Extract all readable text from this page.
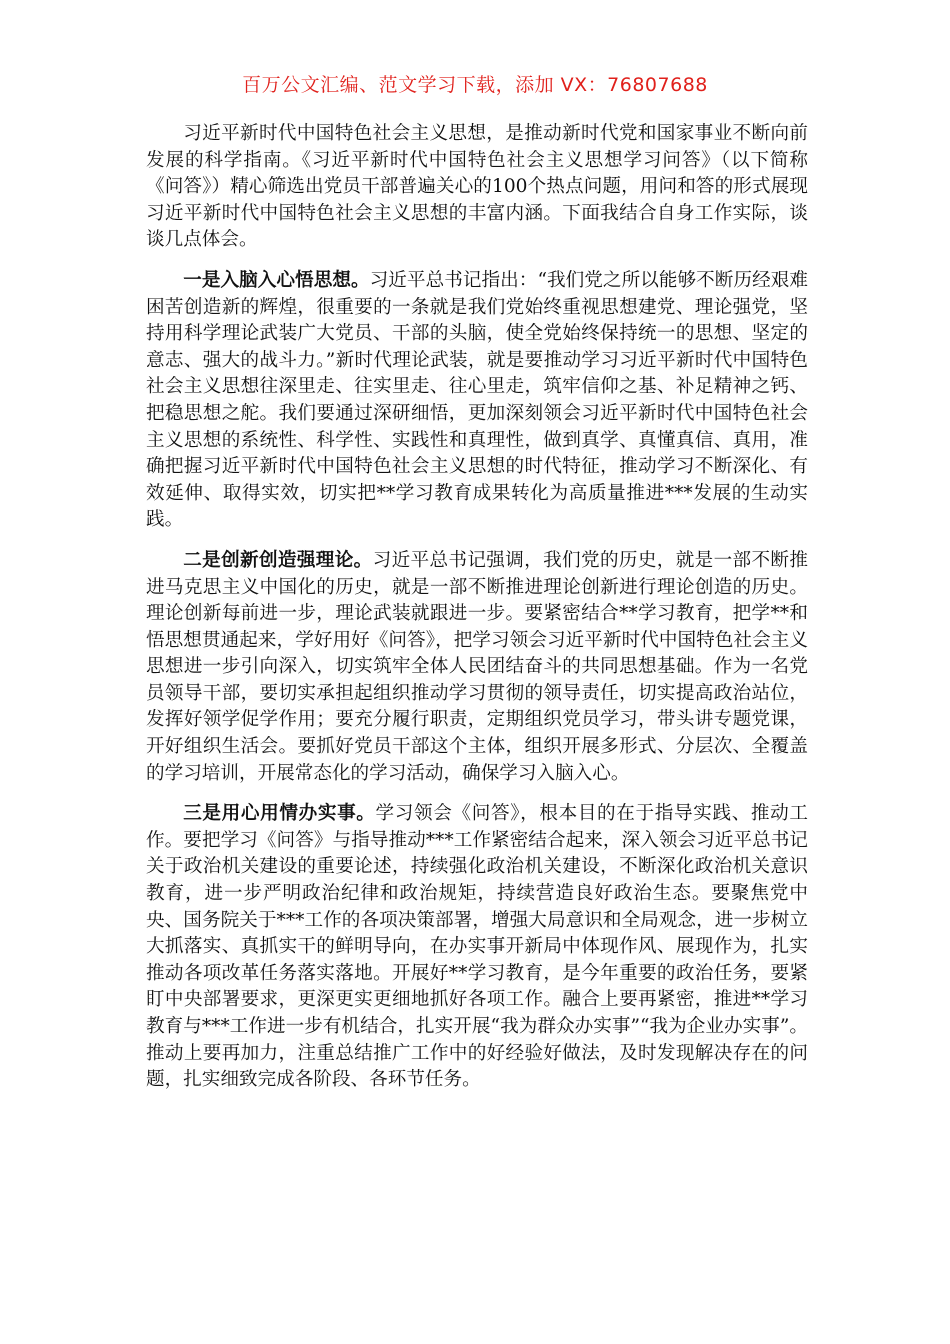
百万公文汇编、范文学习下载，添加 VX：76807688

习近平新时代中国特色社会主义思想，是推动新时代党和国家事业不断向前发展的科学指南。《习近平新时代中国特色社会主义思想学习问答》（以下简称《问答》）精心筛选出党员干部普遍关心的100个热点问题，用问和答的形式展现习近平新时代中国特色社会主义思想的丰富内涵。下面我结合自身工作实际，谈谈几点体会。

一是入脑入心悟思想。习近平总书记指出：“我们党之所以能够不断历经艰难困苦创造新的辉煌，很重要的一条就是我们党始终重视思想建党、理论强党，坚持用科学理论武装广大党员、干部的头脑，使全党始终保持统一的思想、坚定的意志、强大的战斗力。”新时代理论武装，就是要推动学习习近平新时代中国特色社会主义思想往深里走、往实里走、往心里走，筑牢信仰之基、补足精神之钙、把稳思想之舵。我们要通过深研细悟，更加深刻领会习近平新时代中国特色社会主义思想的系统性、科学性、实践性和真理性，做到真学、真懂真信、真用，准确把握习近平新时代中国特色社会主义思想的时代特征，推动学习不断深化、有效延伸、取得实效，切实把**学习教育成果转化为高质量推进***发展的生动实践。

二是创新创造强理论。习近平总书记强调，我们党的历史，就是一部不断推进马克思主义中国化的历史，就是一部不断推进理论创新进行理论创造的历史。理论创新每前进一步，理论武装就跟进一步。要紧密结合**学习教育，把学**和悟思想贯通起来，学好用好《问答》，把学习领会习近平新时代中国特色社会主义思想进一步引向深入，切实筑牢全体人民团结奋斗的共同思想基础。作为一名党员领导干部，要切实承担起组织推动学习贯彻的领导责任，切实提高政治站位，发挥好领学促学作用；要充分履行职责，定期组织党员学习，带头讲专题党课，开好组织生活会。要抓好党员干部这个主体，组织开展多形式、分层次、全覆盖的学习培训，开展常态化的学习活动，确保学习入脑入心。

三是用心用情办实事。学习领会《问答》，根本目的在于指导实践、推动工作。要把学习《问答》与指导推动***工作紧密结合起来，深入领会习近平总书记关于政治机关建设的重要论述，持续强化政治机关建设，不断深化政治机关意识教育，进一步严明政治纪律和政治规矩，持续营造良好政治生态。要聚焦党中央、国务院关于***工作的各项决策部署，增强大局意识和全局观念，进一步树立大抓落实、真抓实干的鲜明导向，在办实事开新局中体现作风、展现作为，扎实推动各项改革任务落实落地。开展好**学习教育，是今年重要的政治任务，要紧盯中央部署要求，更深更实更细地抓好各项工作。融合上要再紧密，推进**学习教育与***工作进一步有机结合，扎实开展“我为群众办实事”“我为企业办实事”。推动上要再加力，注重总结推广工作中的好经验好做法，及时发现解决存在的问题，扎实细致完成各阶段、各环节任务。
